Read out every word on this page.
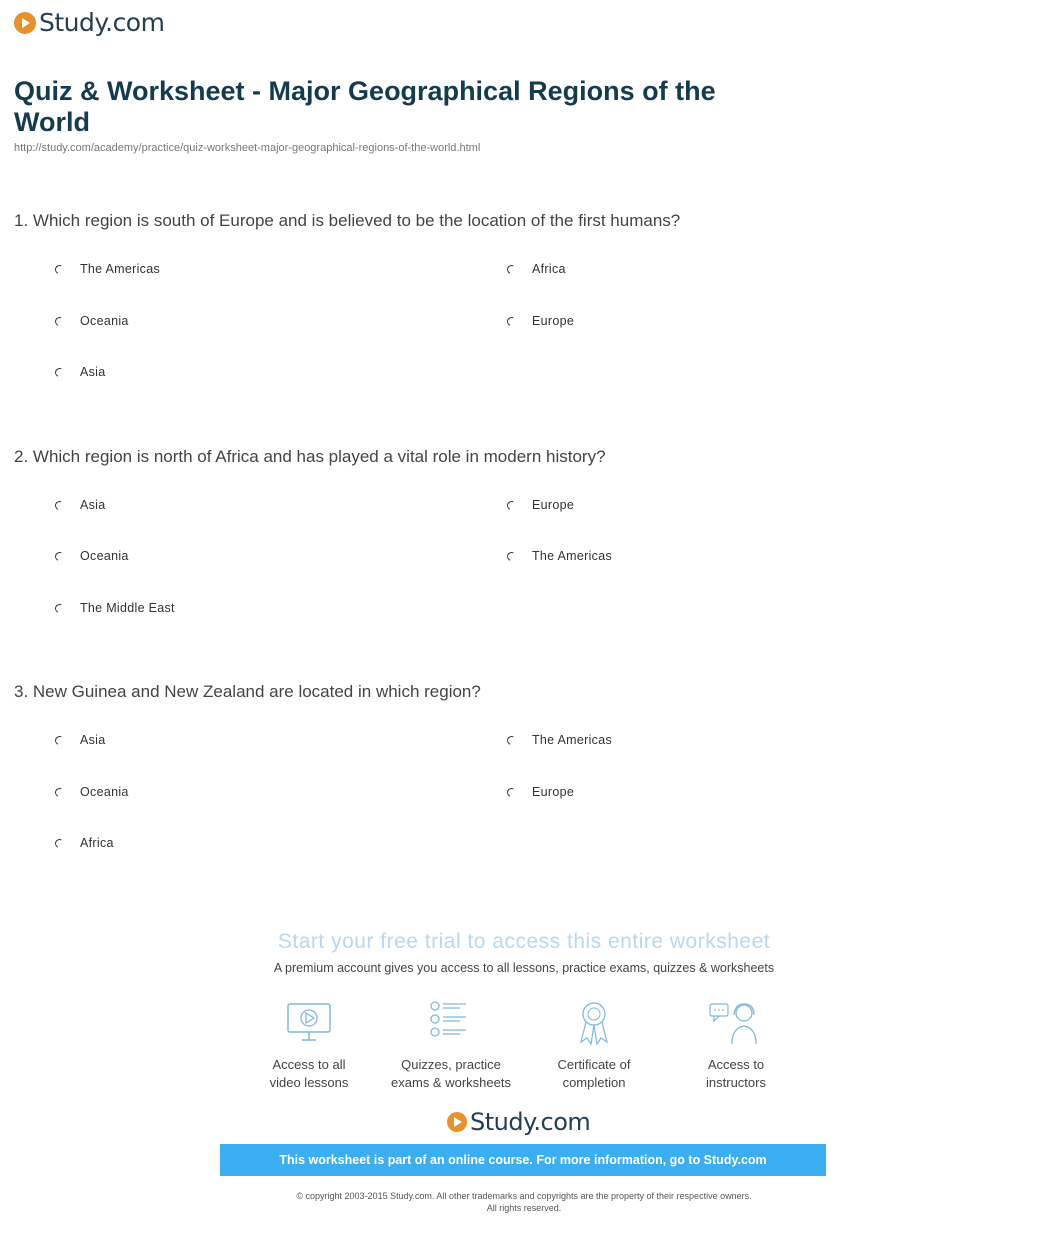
Study.com
Quiz & Worksheet - Major Geographical Regions of the World
http://study.com/academy/practice/quiz-worksheet-major-geographical-regions-of-the-world.html
1. Which region is south of Europe and is believed to be the location of the first humans?
The Americas	Africa
Oceania	Europe
Asia
2. Which region is north of Africa and has played a vital role in modern history?
Asia	Europe
Oceania	The Americas
The Middle East
3. New Guinea and New Zealand are located in which region?
Asia	The Americas
Oceania	Europe
Africa
Start your free trial to access this entire worksheet
A premium account gives you access to all lessons, practice exams, quizzes & worksheets
Access to all
video lessons
Quizzes, practice
exams & worksheets
Certificate of
completion
Access to
instructors
Study.com
This worksheet is part of an online course. For more information, go to Study.com
© copyright 2003-2015 Study.com. All other trademarks and copyrights are the property of their respective owners.
All rights reserved.
